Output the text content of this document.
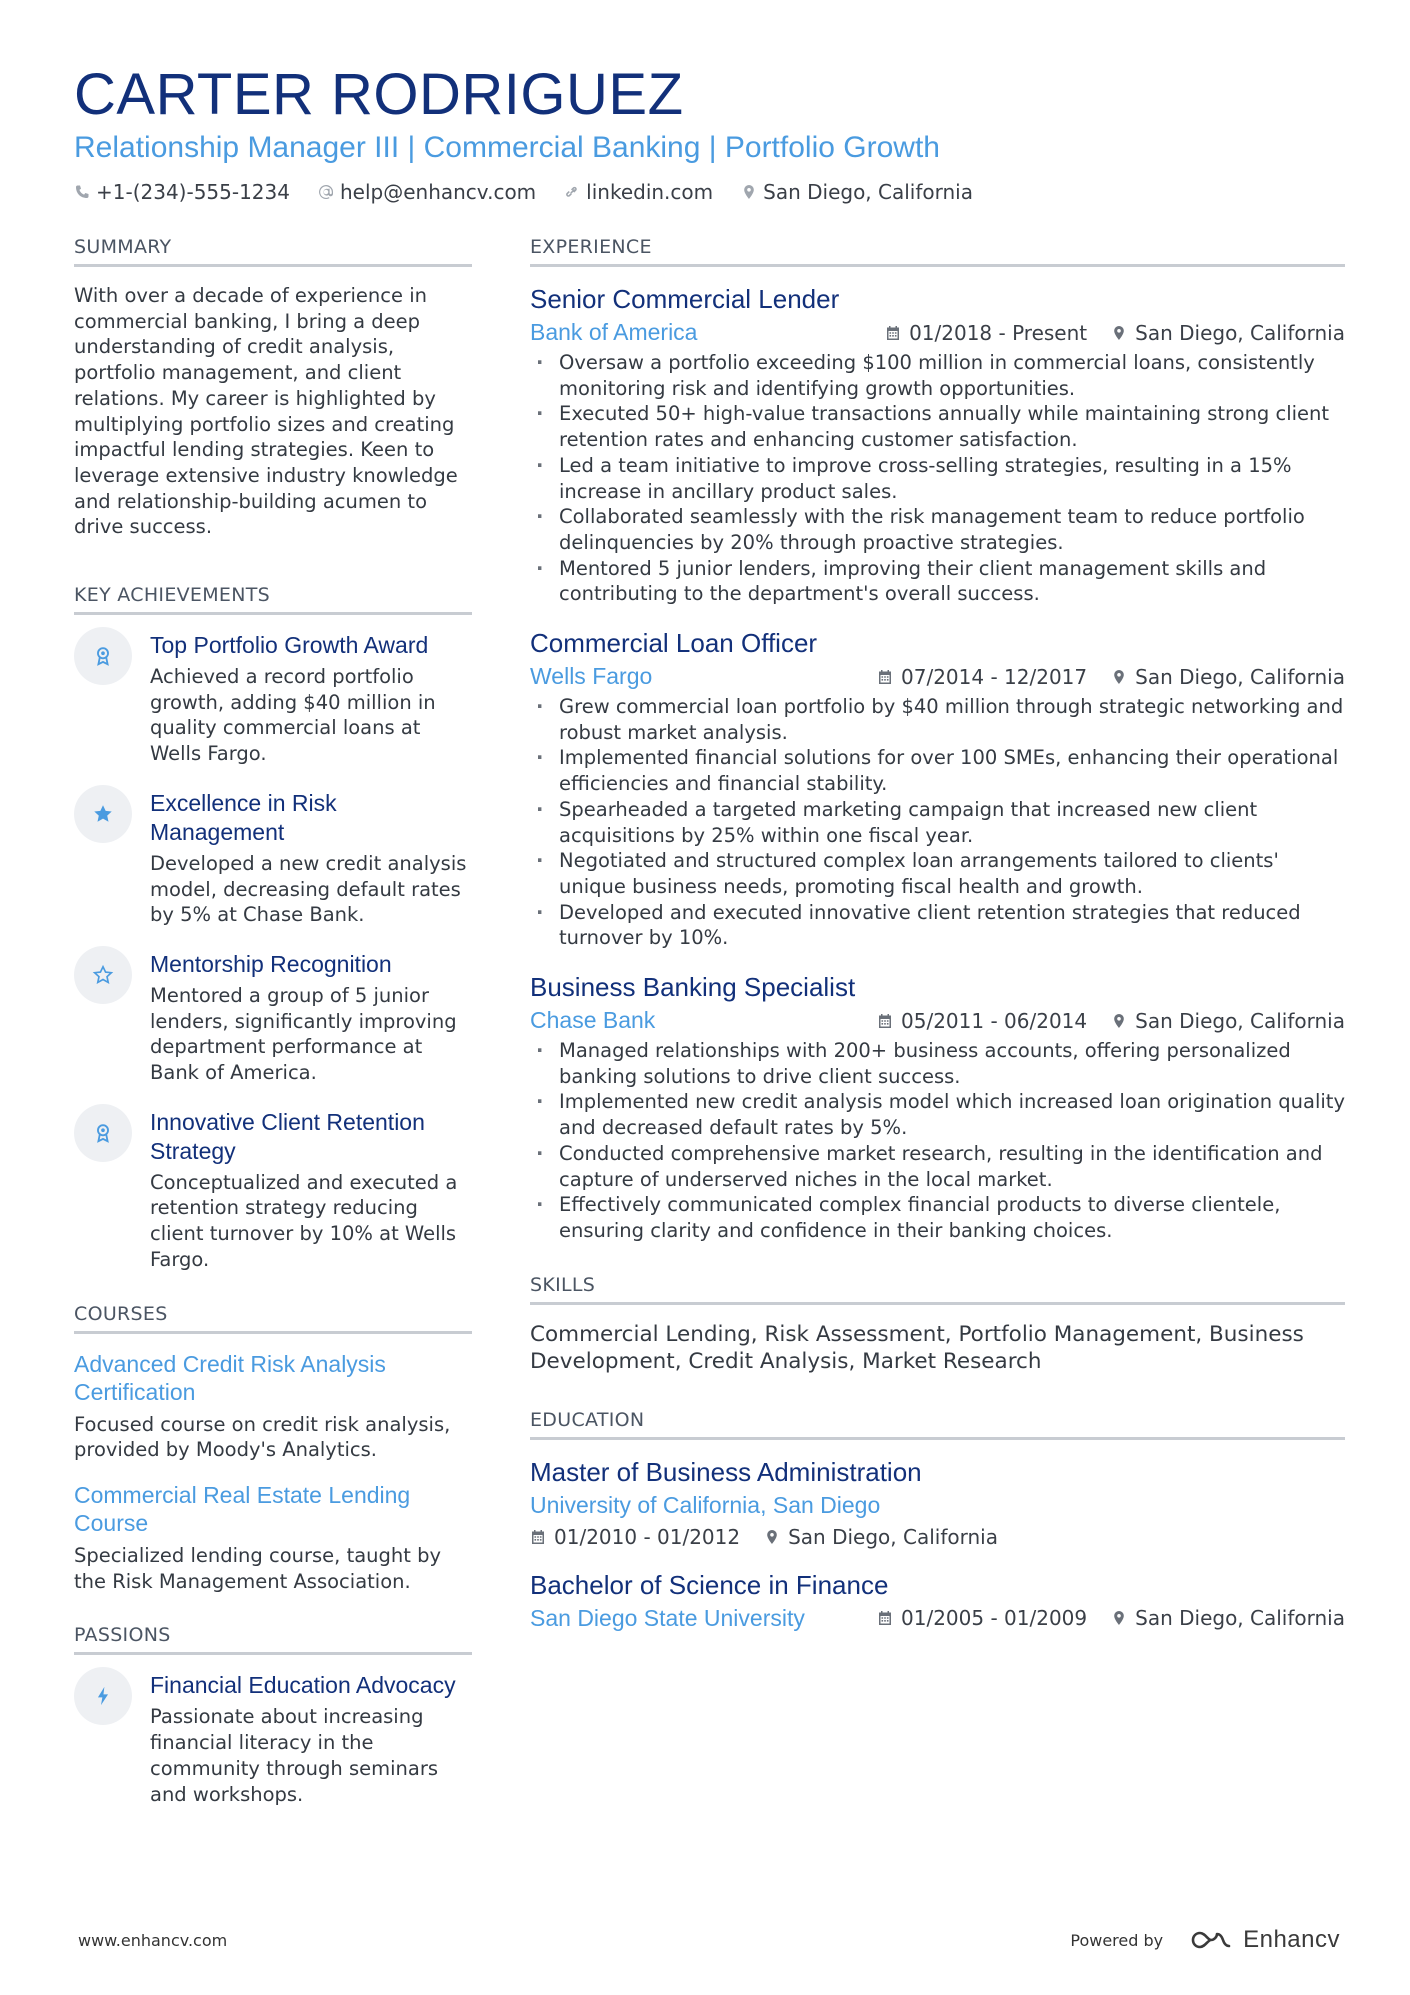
CARTER RODRIGUEZ
Relationship Manager III | Commercial Banking | Portfolio Growth
+1-(234)-555-1234	help@enhancv.com	linkedin.com	San Diego, California
SUMMARY
With over a decade of experience in commercial banking, I bring a deep understanding of credit analysis, portfolio management, and client relations. My career is highlighted by multiplying portfolio sizes and creating impactful lending strategies. Keen to leverage extensive industry knowledge and relationship-building acumen to drive success.
KEY ACHIEVEMENTS
Top Portfolio Growth Award
Achieved a record portfolio growth, adding $40 million in quality commercial loans at Wells Fargo.
Excellence in Risk Management
Developed a new credit analysis model, decreasing default rates by 5% at Chase Bank.
Mentorship Recognition
Mentored a group of 5 junior lenders, significantly improving department performance at Bank of America.
Innovative Client Retention Strategy
Conceptualized and executed a retention strategy reducing client turnover by 10% at Wells Fargo.
COURSES
Advanced Credit Risk Analysis Certification
Focused course on credit risk analysis, provided by Moody's Analytics.
Commercial Real Estate Lending Course
Specialized lending course, taught by the Risk Management Association.
PASSIONS
Financial Education Advocacy
Passionate about increasing financial literacy in the community through seminars and workshops.
EXPERIENCE
Senior Commercial Lender
Bank of America	01/2018 - Present San Diego, California
· Oversaw a portfolio exceeding $100 million in commercial loans, consistently monitoring risk and identifying growth opportunities.
· Executed 50+ high-value transactions annually while maintaining strong client retention rates and enhancing customer satisfaction.
· Led a team initiative to improve cross-selling strategies, resulting in a 15% increase in ancillary product sales.
· Collaborated seamlessly with the risk management team to reduce portfolio delinquencies by 20% through proactive strategies.
· Mentored 5 junior lenders, improving their client management skills and contributing to the department's overall success.
Commercial Loan Officer
Wells Fargo	07/2014 - 12/2017 San Diego, California
· Grew commercial loan portfolio by $40 million through strategic networking and robust market analysis.
· Implemented financial solutions for over 100 SMEs, enhancing their operational efficiencies and financial stability.
· Spearheaded a targeted marketing campaign that increased new client acquisitions by 25% within one fiscal year.
· Negotiated and structured complex loan arrangements tailored to clients' unique business needs, promoting fiscal health and growth.
· Developed and executed innovative client retention strategies that reduced turnover by 10%.
Business Banking Specialist
Chase Bank	05/2011 - 06/2014 San Diego, California
· Managed relationships with 200+ business accounts, offering personalized banking solutions to drive client success.
· Implemented new credit analysis model which increased loan origination quality and decreased default rates by 5%.
· Conducted comprehensive market research, resulting in the identification and capture of underserved niches in the local market.
· Effectively communicated complex financial products to diverse clientele, ensuring clarity and confidence in their banking choices.
SKILLS
Commercial Lending, Risk Assessment, Portfolio Management, Business Development, Credit Analysis, Market Research
EDUCATION
Master of Business Administration
University of California, San Diego
01/2010 - 01/2012 San Diego, California
Bachelor of Science in Finance
San Diego State University	01/2005 - 01/2009 San Diego, California
www.enhancv.com	Powered by	Enhancv
